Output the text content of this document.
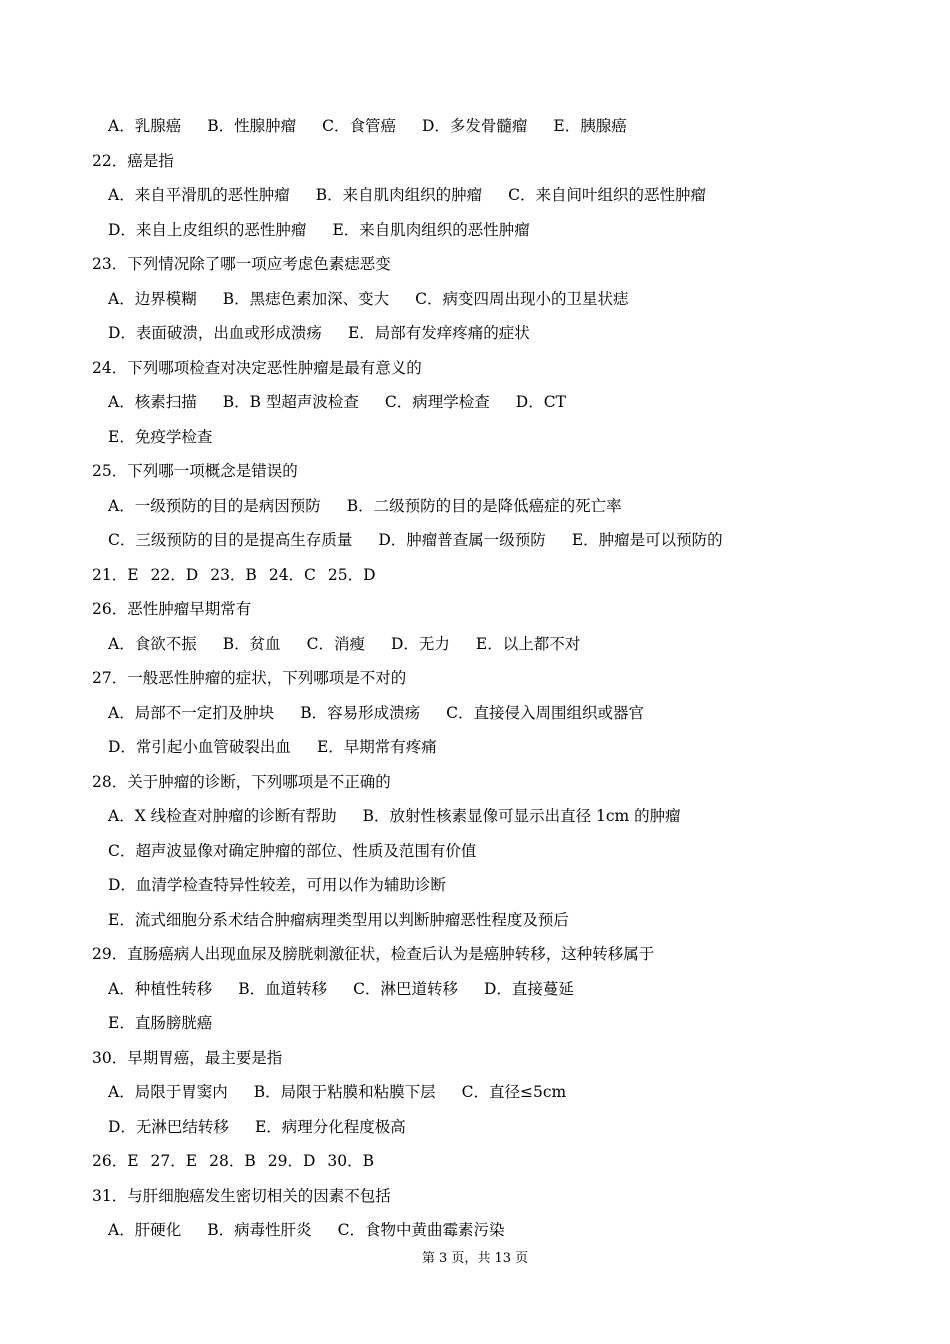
A．乳腺癌 B．性腺肿瘤 C．食管癌 D．多发骨髓瘤 E．胰腺癌
22．癌是指
A．来自平滑肌的恶性肿瘤 B．来自肌肉组织的肿瘤 C．来自间叶组织的恶性肿瘤
D．来自上皮组织的恶性肿瘤 E．来自肌肉组织的恶性肿瘤
23．下列情况除了哪一项应考虑色素痣恶变
A．边界模糊 B．黑痣色素加深、变大 C．病变四周出现小的卫星状痣
D．表面破溃，出血或形成溃疡 E．局部有发痒疼痛的症状
24．下列哪项检查对决定恶性肿瘤是最有意义的
A．核素扫描 B．B 型超声波检查 C．病理学检查 D．CT
E．免疫学检查
25．下列哪一项概念是错误的
A．一级预防的目的是病因预防 B．二级预防的目的是降低癌症的死亡率
C．三级预防的目的是提高生存质量 D．肿瘤普查属一级预防 E．肿瘤是可以预防的
21．E 22．D 23．B 24．C 25．D
26．恶性肿瘤早期常有
A．食欲不振 B．贫血 C．消瘦 D．无力 E．以上都不对
27．一般恶性肿瘤的症状，下列哪项是不对的
A．局部不一定扪及肿块 B．容易形成溃疡 C．直接侵入周围组织或器官
D．常引起小血管破裂出血 E．早期常有疼痛
28．关于肿瘤的诊断，下列哪项是不正确的
A．X 线检查对肿瘤的诊断有帮助 B．放射性核素显像可显示出直径 1cm 的肿瘤
C．超声波显像对确定肿瘤的部位、性质及范围有价值
D．血清学检查特异性较差，可用以作为辅助诊断
E．流式细胞分系术结合肿瘤病理类型用以判断肿瘤恶性程度及预后
29．直肠癌病人出现血尿及膀胱刺激征状，检查后认为是癌肿转移，这种转移属于
A．种植性转移 B．血道转移 C．淋巴道转移 D．直接蔓延
E．直肠膀胱癌
30．早期胃癌，最主要是指
A．局限于胃窦内 B．局限于粘膜和粘膜下层 C．直径≤5cm
D．无淋巴结转移 E．病理分化程度极高
26．E 27．E 28．B 29．D 30．B
31．与肝细胞癌发生密切相关的因素不包括
A．肝硬化 B．病毒性肝炎 C．食物中黄曲霉素污染
第 3 页，共 13 页
